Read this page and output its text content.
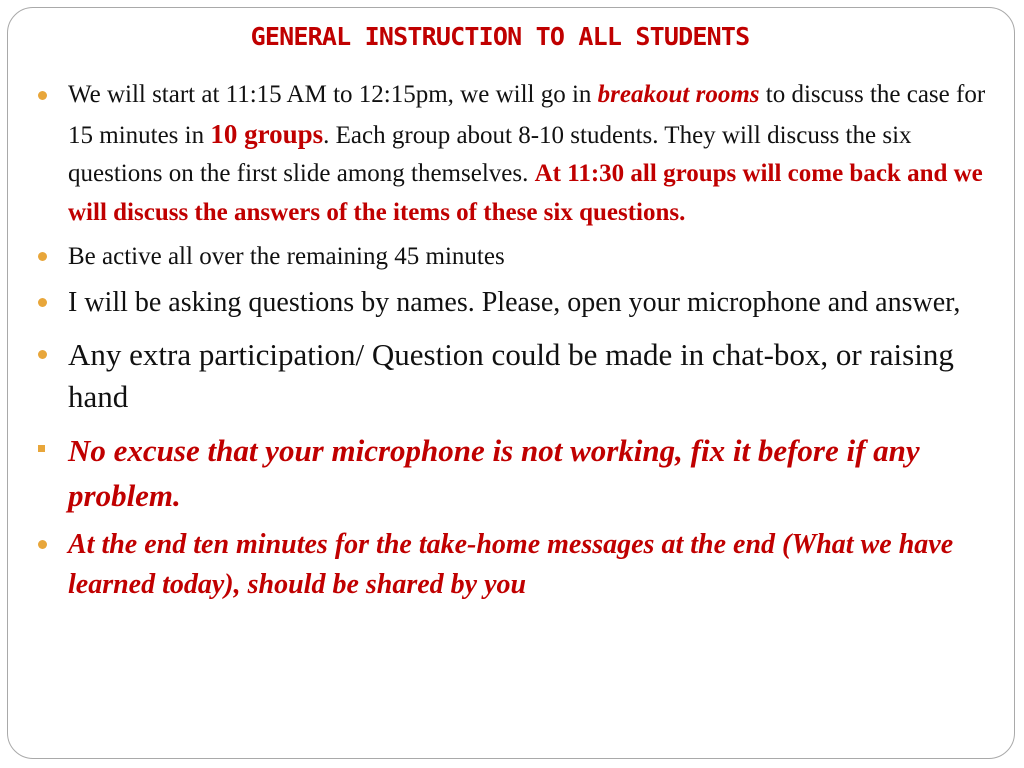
GENERAL INSTRUCTION TO ALL STUDENTS

We will start at 11:15 AM to 12:15pm, we will go in breakout rooms to discuss the case for 15 minutes in 10 groups. Each group about 8-10 students. They will discuss the six questions on the first slide among themselves. At 11:30 all groups will come back and we will discuss the answers of the items of these six questions.

Be active all over the remaining 45 minutes

I will be asking questions by names. Please, open your microphone and answer,

Any extra participation/ Question could be made in chat-box, or raising hand

No excuse that your microphone is not working, fix it before if any problem.

At the end ten minutes for the take-home messages at the end (What we have learned today), should be shared by you
